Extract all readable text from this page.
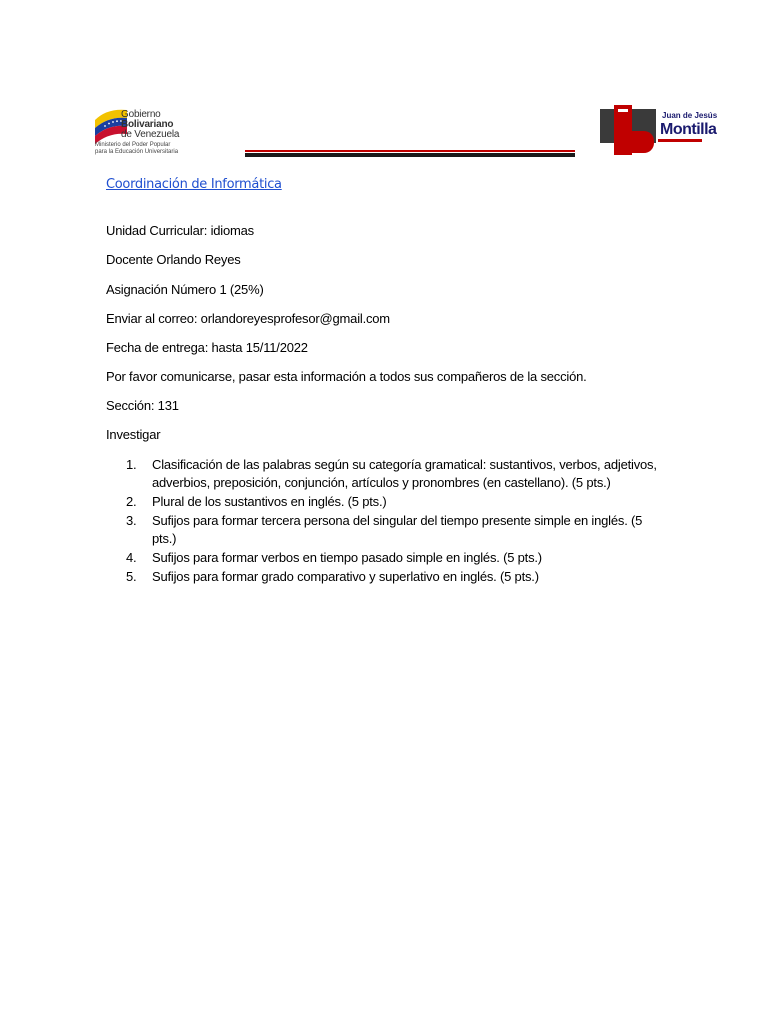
Gobierno
Bolivariano
de Venezuela
Ministerio del Poder Popular
para la Educación Universitaria
Juan de Jesús
Montilla
Coordinación de Informática
Unidad Curricular: idiomas
Docente Orlando Reyes
Asignación Número 1 (25%)
Enviar al correo: orlandoreyesprofesor@gmail.com
Fecha de entrega: hasta 15/11/2022
Por favor comunicarse, pasar esta información a todos sus compañeros de la sección.
Sección: 131
Investigar
1. Clasificación de las palabras según su categoría gramatical: sustantivos, verbos, adjetivos, adverbios, preposición, conjunción, artículos y pronombres (en castellano). (5 pts.)
2. Plural de los sustantivos en inglés. (5 pts.)
3. Sufijos para formar tercera persona del singular del tiempo presente simple en inglés. (5 pts.)
4. Sufijos para formar verbos en tiempo pasado simple en inglés. (5 pts.)
5. Sufijos para formar grado comparativo y superlativo en inglés. (5 pts.)
